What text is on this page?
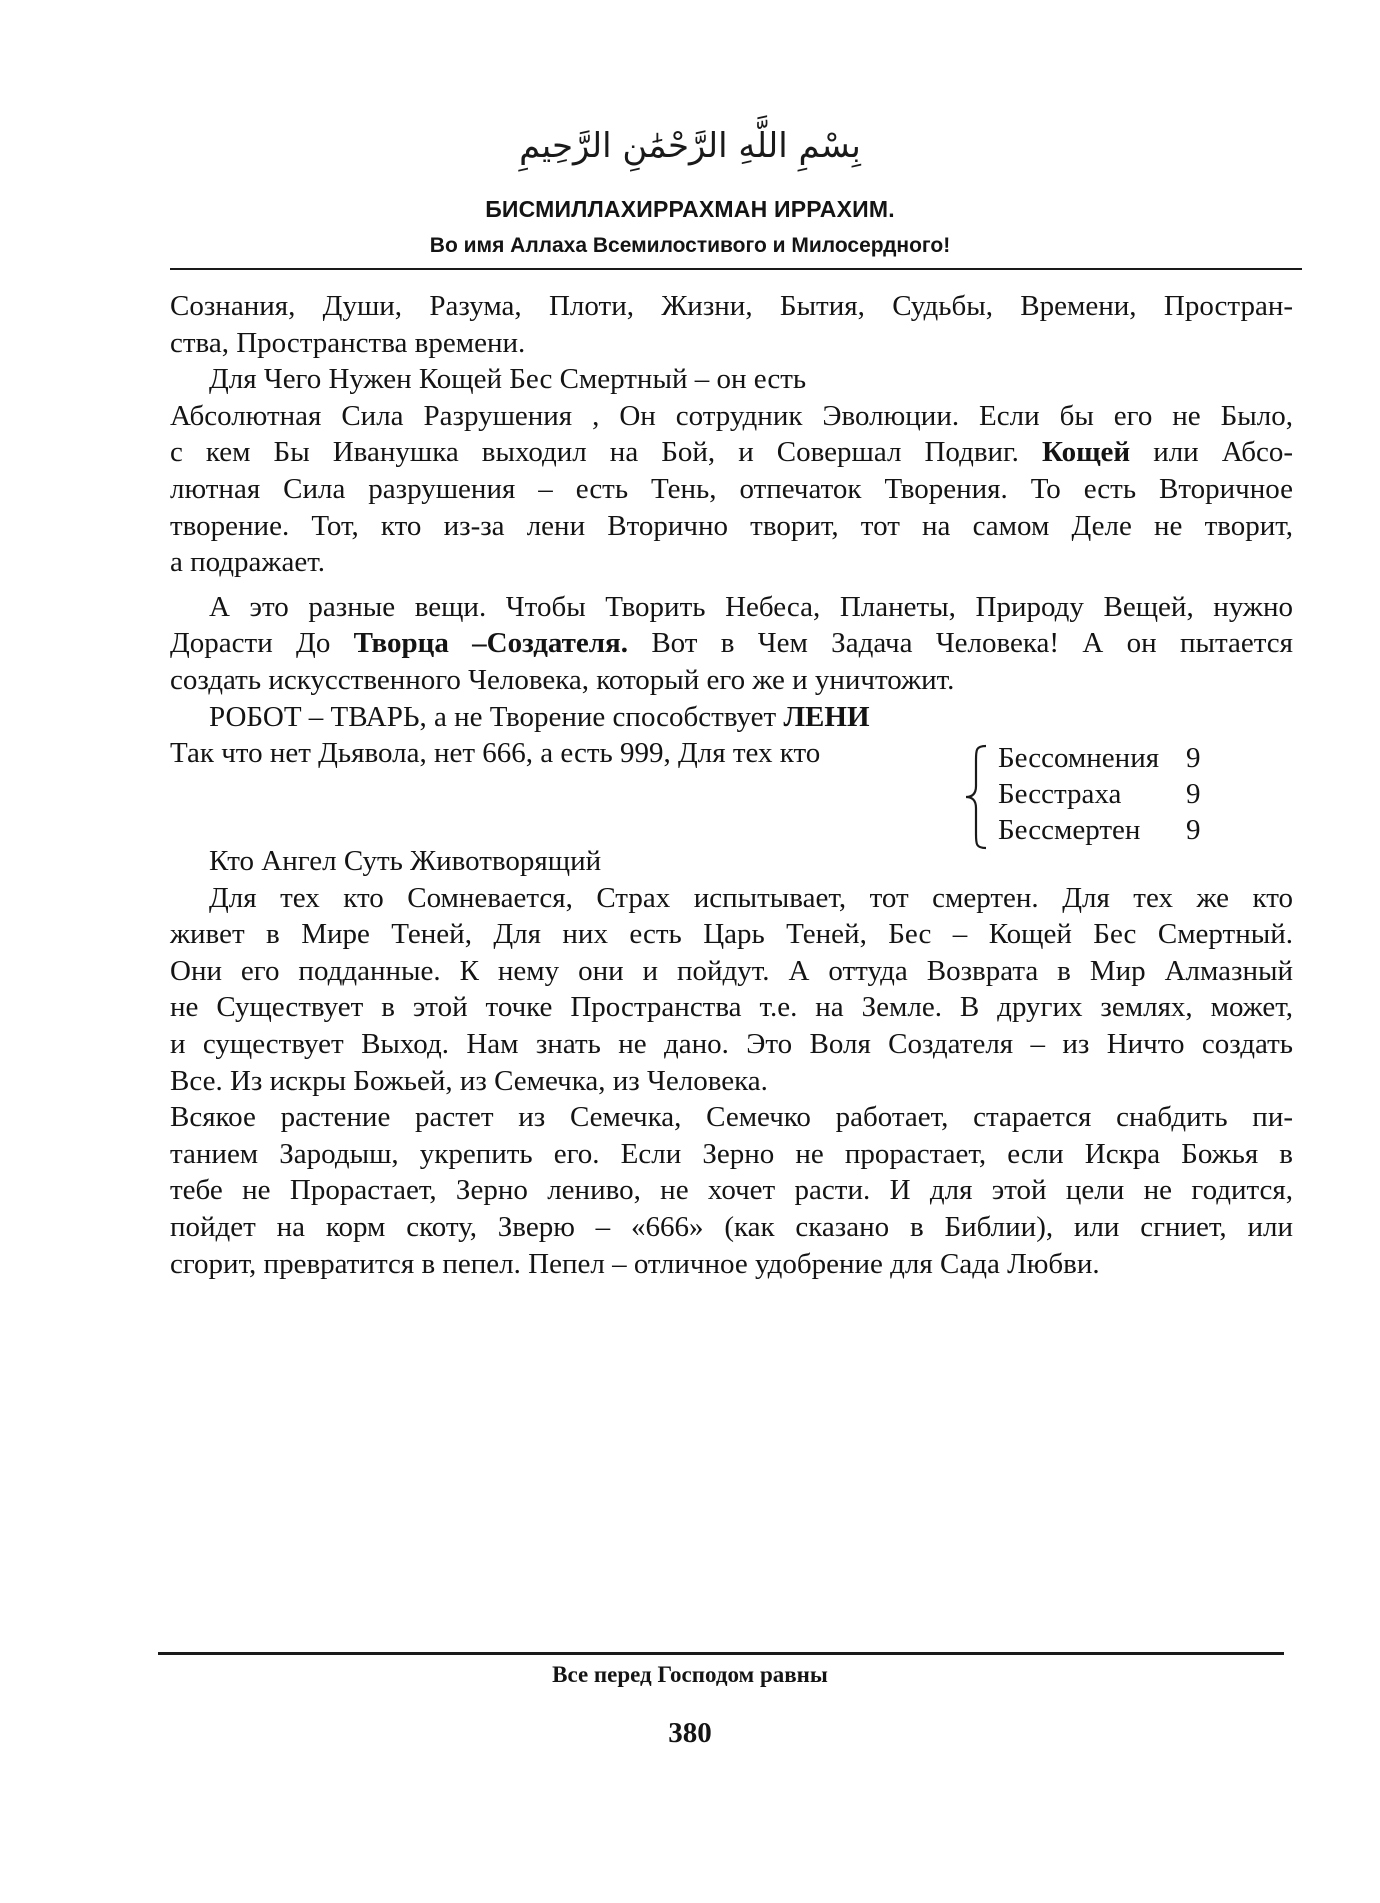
بِسْمِ اللَّهِ الرَّحْمَٰنِ الرَّحِيمِ
БИСМИЛЛАХИРРАХМАН ИРРАХИМ.
Во имя Аллаха Всемилостивого и Милосердного!
Сознания, Души, Разума, Плоти, Жизни, Бытия, Судьбы, Времени, Простран-
ства, Пространства времени.
Для Чего Нужен Кощей Бес Смертный – он есть
Абсолютная Сила Разрушения , Он сотрудник Эволюции. Если бы его не Было,
с кем Бы Иванушка выходил на Бой, и Совершал Подвиг. Кощей или Абсо-
лютная Сила разрушения – есть Тень, отпечаток Творения. То есть Вторичное
творение. Тот, кто из-за лени Вторично творит, тот на самом Деле не творит,
а подражает.
А это разные вещи. Чтобы Творить Небеса, Планеты, Природу Вещей, нужно
Дорасти До Творца –Создателя. Вот в Чем Задача Человека! А он пытается
создать искусственного Человека, который его же и уничтожит.
РОБОТ – ТВАРЬ, а не Творение способствует ЛЕНИ
Так что нет Дьявола, нет 666, а есть 999, Для тех кто	Бессомнения 9
Бесстраха 9
Бессмертен 9
Кто Ангел Суть Животворящий
Для тех кто Сомневается, Страх испытывает, тот смертен. Для тех же кто
живет в Мире Теней, Для них есть Царь Теней, Бес – Кощей Бес Смертный.
Они его подданные. К нему они и пойдут. А оттуда Возврата в Мир Алмазный
не Существует в этой точке Пространства т.е. на Земле. В других землях, может,
и существует Выход. Нам знать не дано. Это Воля Создателя – из Ничто создать
Все. Из искры Божьей, из Семечка, из Человека.
Всякое растение растет из Семечка, Семечко работает, старается снабдить пи-
танием Зародыш, укрепить его. Если Зерно не прорастает, если Искра Божья в
тебе не Прорастает, Зерно лениво, не хочет расти. И для этой цели не годится,
пойдет на корм скоту, Зверю – «666» (как сказано в Библии), или сгниет, или
сгорит, превратится в пепел. Пепел – отличное удобрение для Сада Любви.
Все перед Господом равны
380
